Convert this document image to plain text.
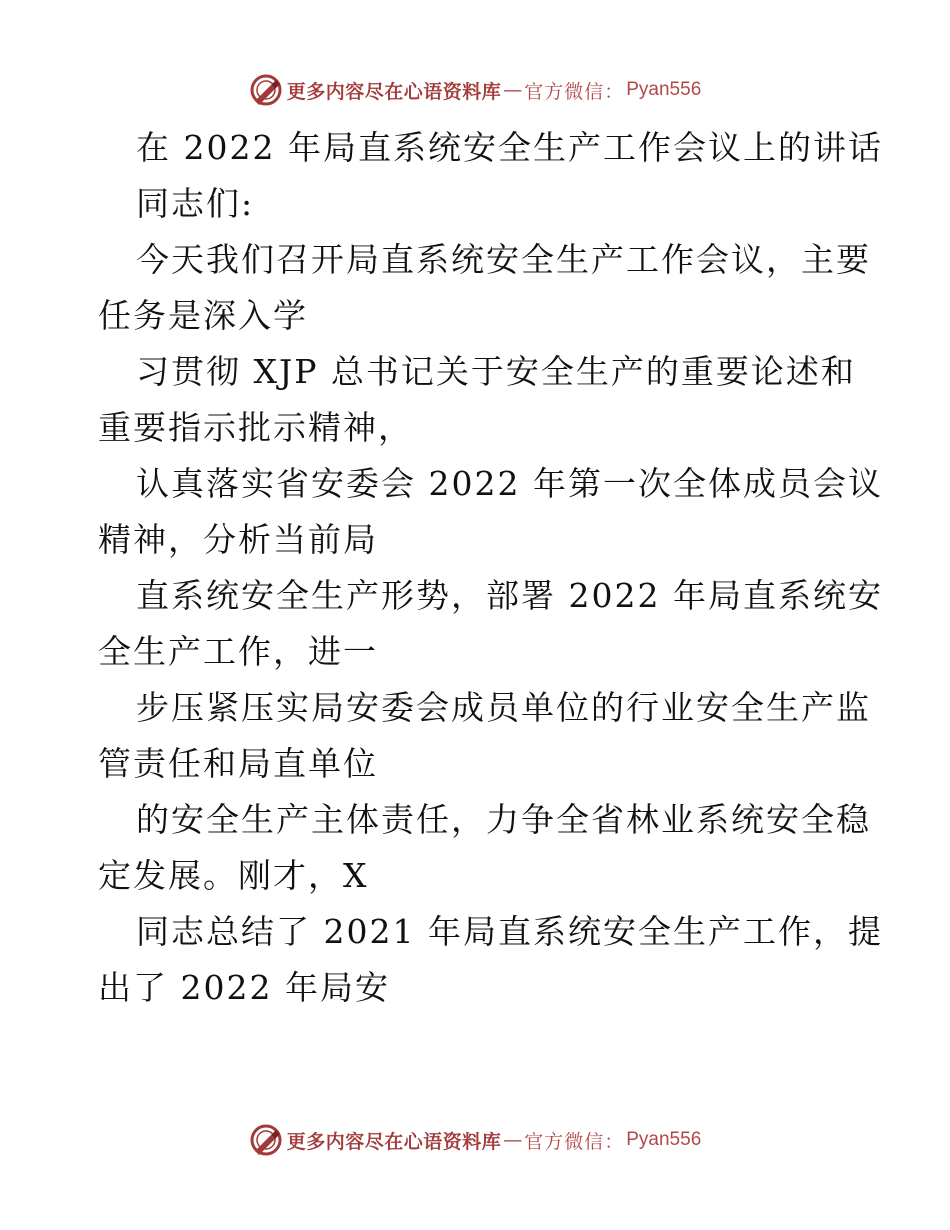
更多内容尽在心语资料库 — 官方微信： Pyan556
在 2022 年局直系统安全生产工作会议上的讲话
同志们:
今天我们召开局直系统安全生产工作会议，主要
任务是深入学
习贯彻 XJP 总书记关于安全生产的重要论述和
重要指示批示精神，
认真落实省安委会 2022 年第一次全体成员会议
精神，分析当前局
直系统安全生产形势，部署 2022 年局直系统安
全生产工作，进一
步压紧压实局安委会成员单位的行业安全生产监
管责任和局直单位
的安全生产主体责任，力争全省林业系统安全稳
定发展。刚才，X
同志总结了 2021 年局直系统安全生产工作，提
出了 2022 年局安
更多内容尽在心语资料库 — 官方微信： Pyan556
